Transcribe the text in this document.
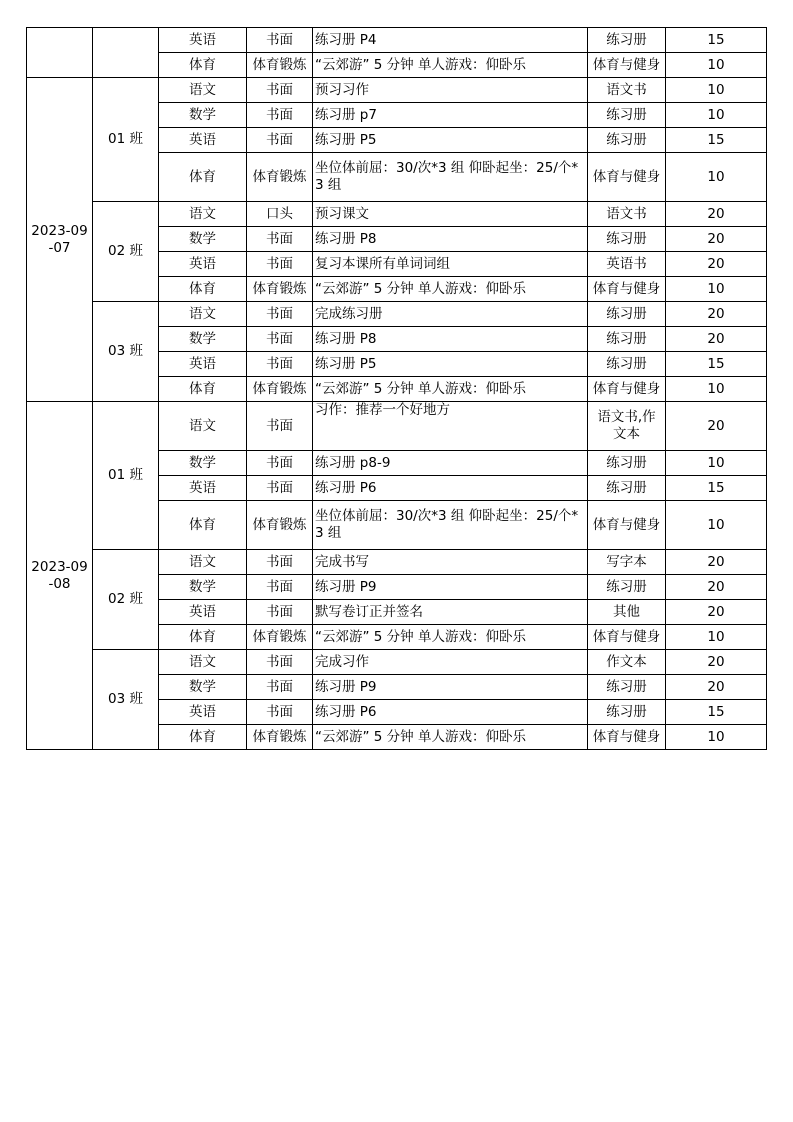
		英语	书面	练习册 P4	练习册	15
		体育	体育锻炼	“云郊游” 5 分钟 单人游戏：仰卧乐	体育与健身	10
2023-09-07	01 班	语文	书面	预习习作	语文书	10
		数学	书面	练习册 p7	练习册	10
		英语	书面	练习册 P5	练习册	15
		体育	体育锻炼	坐位体前屈：30/次*3 组 仰卧起坐：25/个*3 组	体育与健身	10
	02 班	语文	口头	预习课文	语文书	20
		数学	书面	练习册 P8	练习册	20
		英语	书面	复习本课所有单词词组	英语书	20
		体育	体育锻炼	“云郊游” 5 分钟 单人游戏：仰卧乐	体育与健身	10
	03 班	语文	书面	完成练习册	练习册	20
		数学	书面	练习册 P8	练习册	20
		英语	书面	练习册 P5	练习册	15
		体育	体育锻炼	“云郊游” 5 分钟 单人游戏：仰卧乐	体育与健身	10
2023-09-08	01 班	语文	书面	习作：推荐一个好地方	语文书,作文本	20
		数学	书面	练习册 p8-9	练习册	10
		英语	书面	练习册 P6	练习册	15
		体育	体育锻炼	坐位体前屈：30/次*3 组 仰卧起坐：25/个*3 组	体育与健身	10
	02 班	语文	书面	完成书写	写字本	20
		数学	书面	练习册 P9	练习册	20
		英语	书面	默写卷订正并签名	其他	20
		体育	体育锻炼	“云郊游” 5 分钟 单人游戏：仰卧乐	体育与健身	10
	03 班	语文	书面	完成习作	作文本	20
		数学	书面	练习册 P9	练习册	20
		英语	书面	练习册 P6	练习册	15
		体育	体育锻炼	“云郊游” 5 分钟 单人游戏：仰卧乐	体育与健身	10
